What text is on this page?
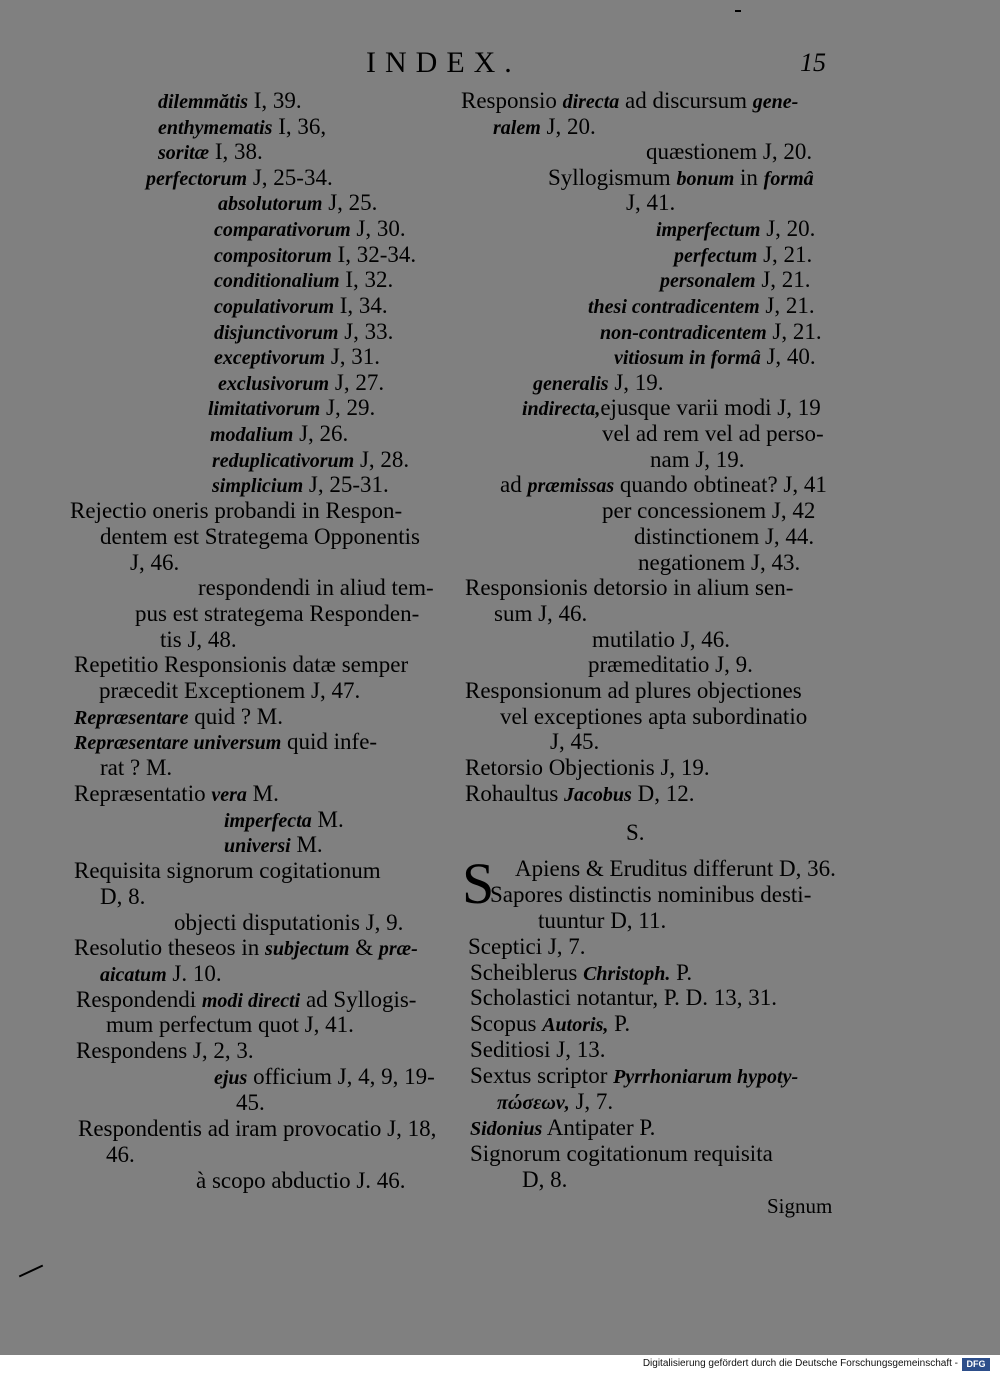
INDEX.	15
dilemmătis I, 39.
enthymematis I, 36,
soritæ I, 38.
perfectorum J, 25-34.
absolutorum J, 25.
comparativorum J, 30.
compositorum I, 32-34.
conditionalium I, 32.
copulativorum I, 34.
disjunctivorum J, 33.
exceptivorum J, 31.
exclusivorum J, 27.
limitativorum J, 29.
modalium J, 26.
reduplicativorum J, 28.
simplicium J, 25-31.
Rejectio oneris probandi in Respon-
dentem est Strategema Opponentis
J, 46.
respondendi in aliud tem-
pus est strategema Responden-
tis J, 48.
Repetitio Responsionis datæ semper
præcedit Exceptionem J, 47.
Repræsentare quid ? M.
Repræsentare universum quid infe-
rat ? M.
Repræsentatio vera M.
imperfecta M.
universi M.
Requisita signorum cogitationum
D, 8.
objecti disputationis J, 9.
Resolutio theseos in subjectum & præ-
aicatum J. 10.
Respondendi modi directi ad Syllogis-
mum perfectum quot J, 41.
Respondens J, 2, 3.
ejus officium J, 4, 9, 19-
45.
Respondentis ad iram provocatio J, 18,
46.
à scopo abductio J. 46.
Responsio directa ad discursum gene-
ralem J, 20.
quæstionem J, 20.
Syllogismum bonum in formâ
J, 41.
imperfectum J, 20.
perfectum J, 21.
personalem J, 21.
thesi contradicentem J, 21.
non-contradicentem J, 21.
vitiosum in formâ J, 40.
generalis J, 19.
indirecta,ejusque varii modi J, 19
vel ad rem vel ad perso-
nam J, 19.
ad præmissas quando obtineat? J, 41
per concessionem J, 42
distinctionem J, 44.
negationem J, 43.
Responsionis detorsio in alium sen-
sum J, 46.
mutilatio J, 46.
præmeditatio J, 9.
Responsionum ad plures objectiones
vel exceptiones apta subordinatio
J, 45.
Retorsio Objectionis J, 19.
Rohaultus Jacobus D, 12.
S.
Apiens & Eruditus differunt D, 36.
Sapores distinctis nominibus desti-
tuuntur D, 11.
Sceptici J, 7.
Scheiblerus Christoph. P.
Scholastici notantur, P. D. 13, 31.
Scopus Autoris, P.
Seditiosi J, 13.
Sextus scriptor Pyrrhoniarum hypoty-
πώσεων, J, 7.
Sidonius Antipater P.
Signorum cogitationum requisita
D, 8.
S
Signum
Digitalisierung gefördert durch die Deutsche Forschungsgemeinschaft - DFG
